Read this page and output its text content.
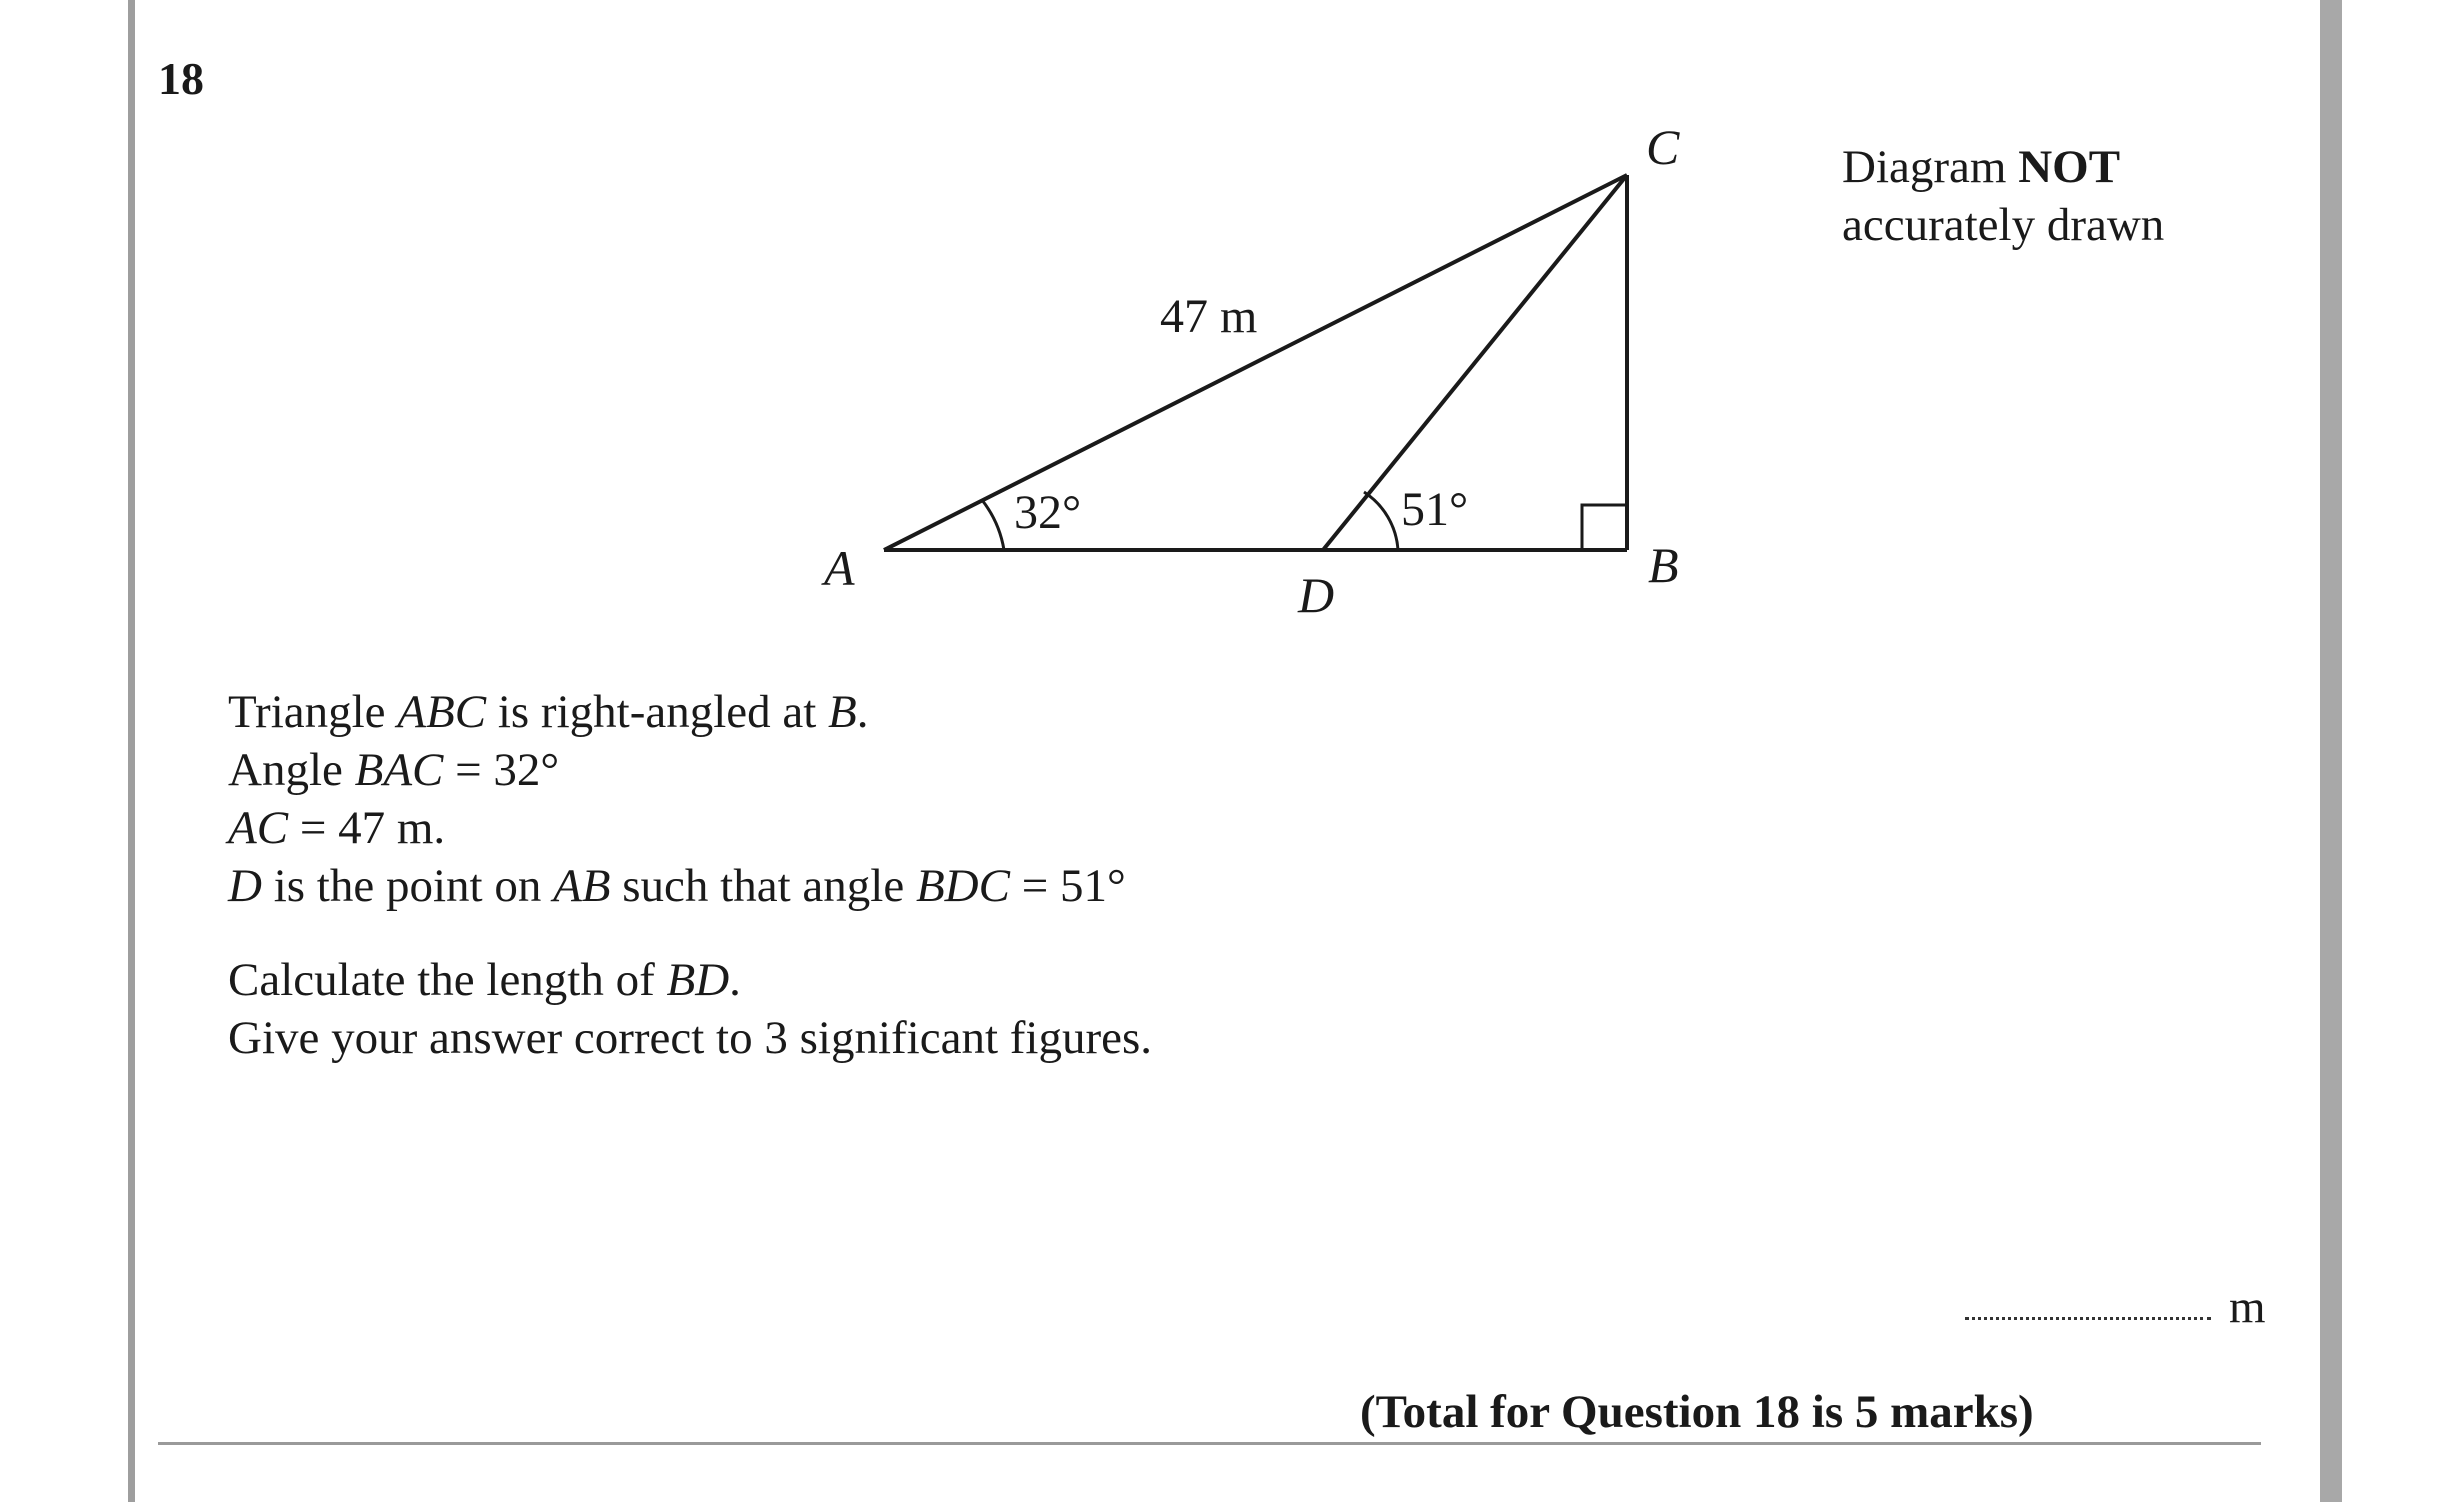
18
A	B
C
D
47 m
32°	51°
Diagram NOT
accurately drawn

Triangle ABC is right-angled at B.

Angle BAC = 32°

AC = 47 m.

D is the point on AB such that angle BDC = 51°

Calculate the length of BD.

Give your answer correct to 3 significant figures.

m
(Total for Question 18 is 5 marks)
